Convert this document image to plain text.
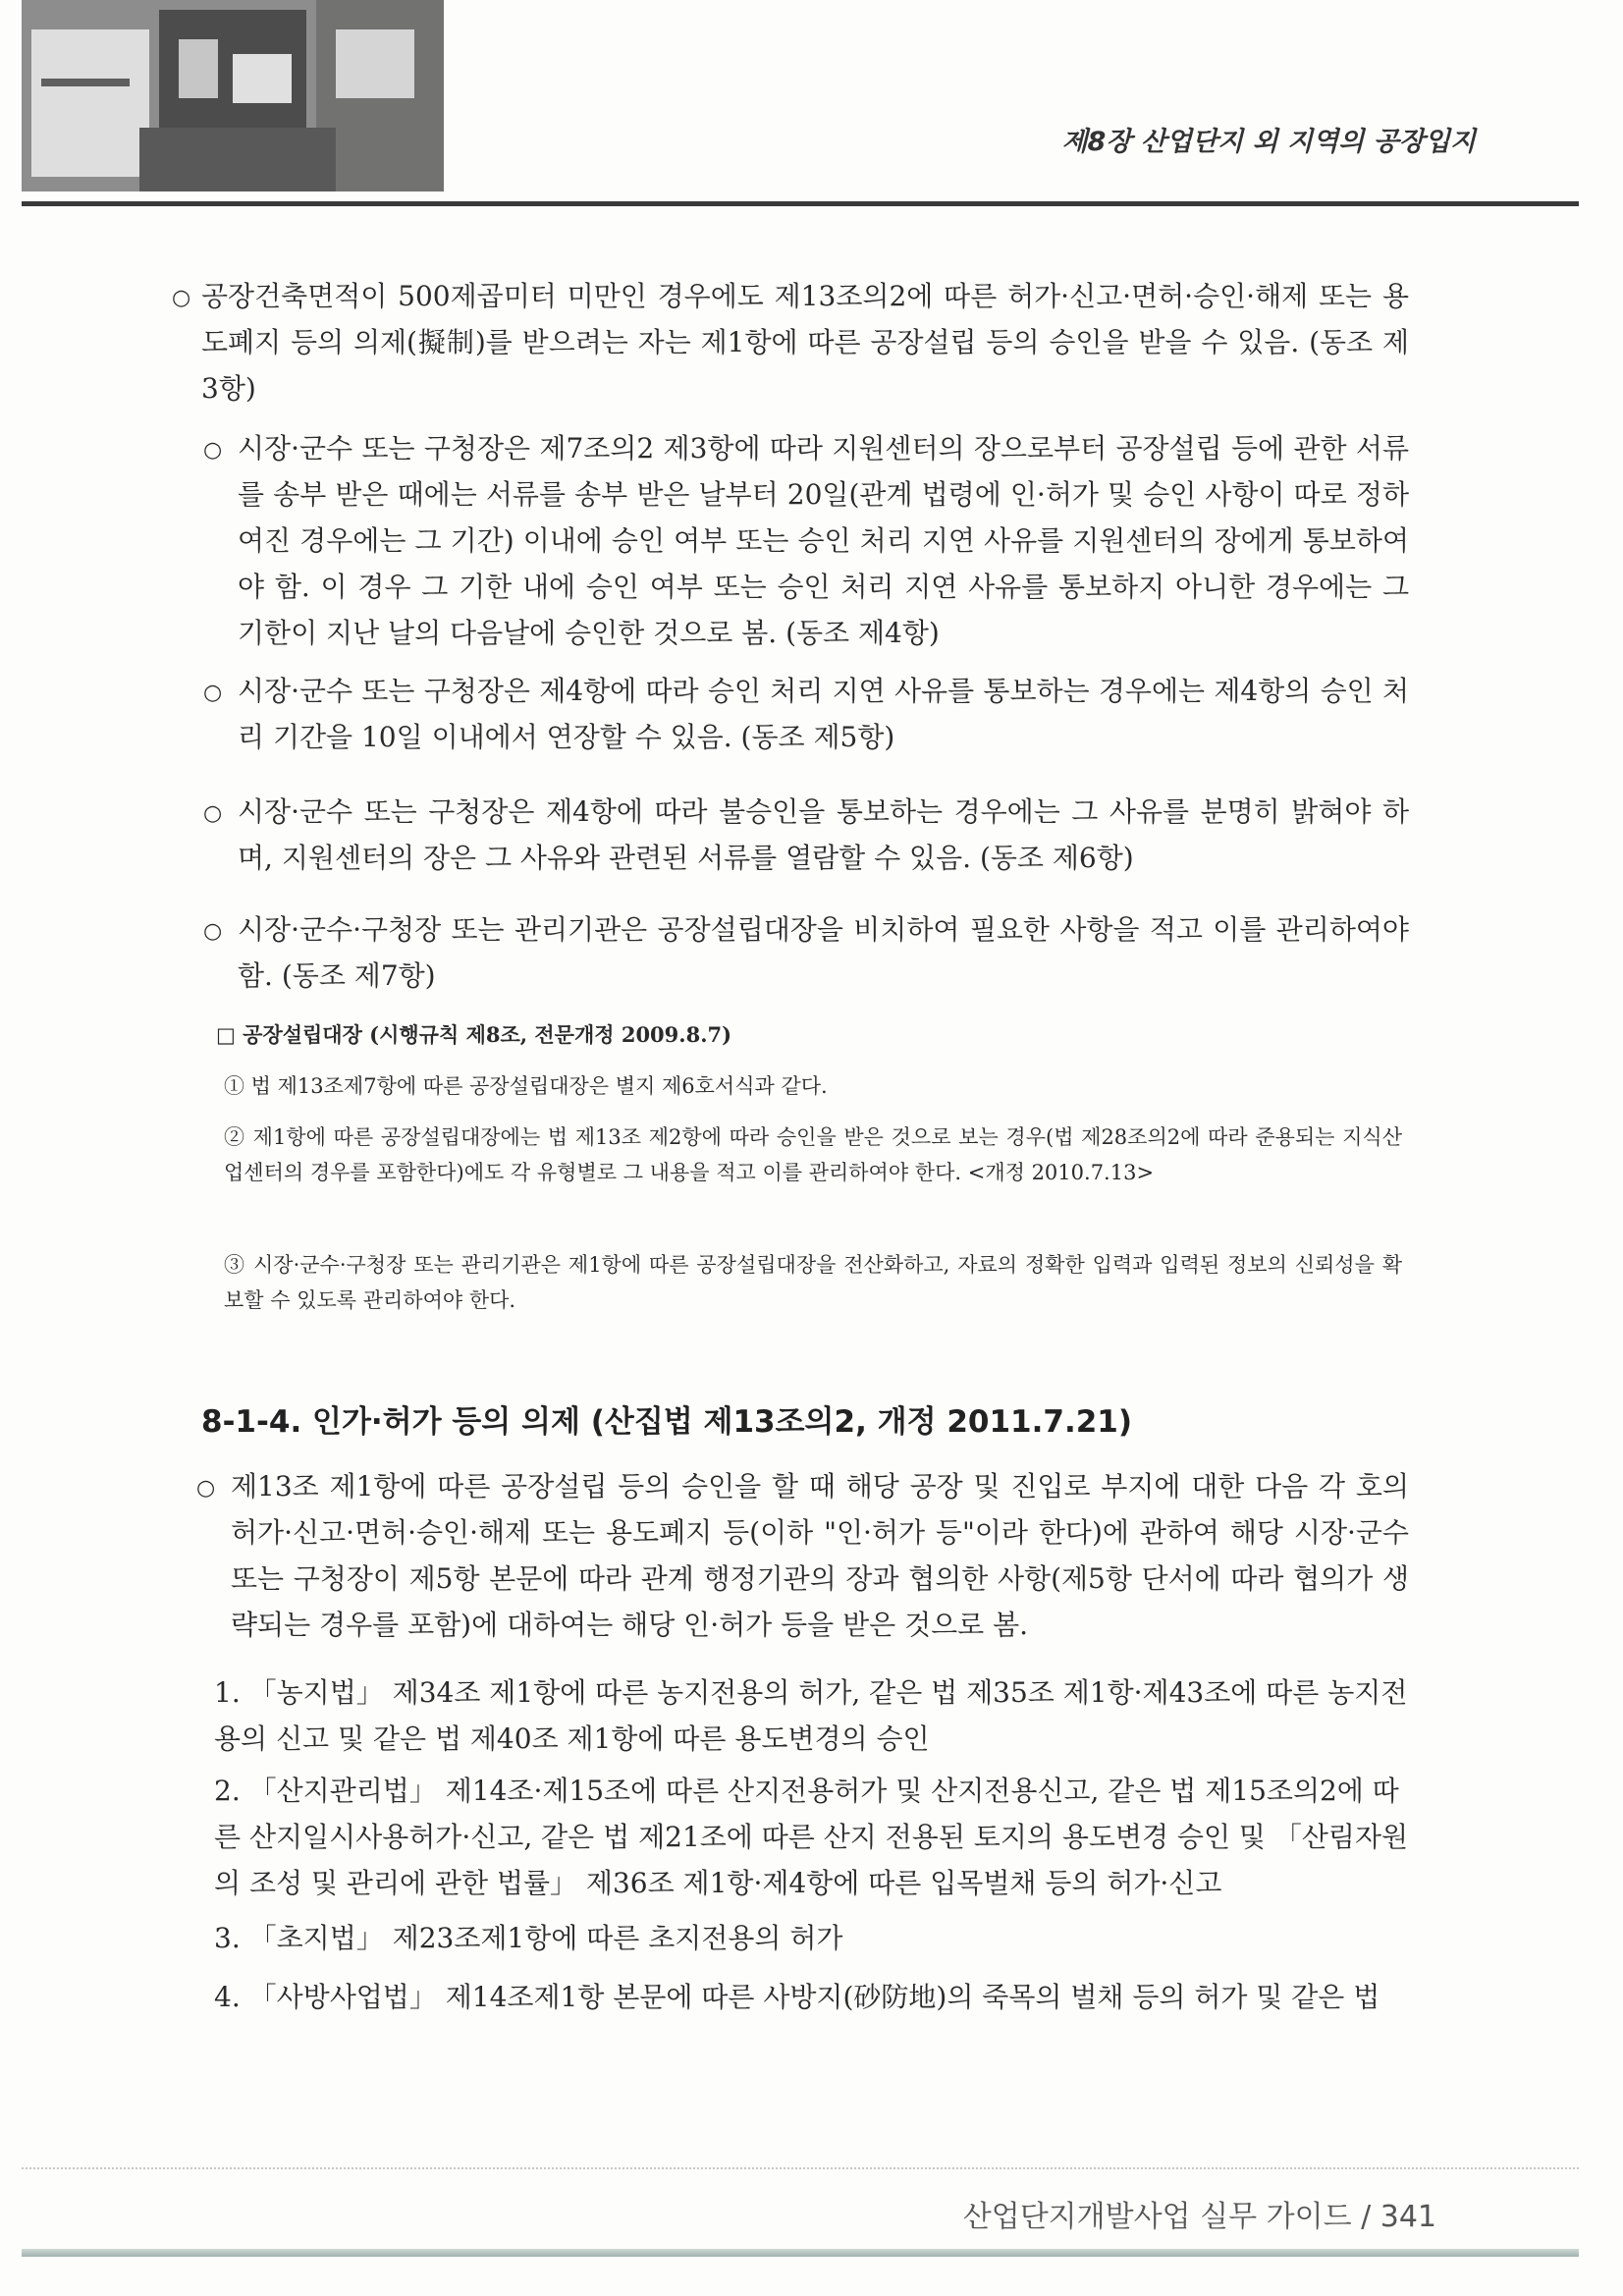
제8장 산업단지 외 지역의 공장입지
○ 공장건축면적이 500제곱미터 미만인 경우에도 제13조의2에 따른 허가·신고·면허·승인·해제 또는 용도폐지 등의 의제(擬制)를 받으려는 자는 제1항에 따른 공장설립 등의 승인을 받을 수 있음. (동조 제3항)
○ 시장·군수 또는 구청장은 제7조의2 제3항에 따라 지원센터의 장으로부터 공장설립 등에 관한 서류를 송부 받은 때에는 서류를 송부 받은 날부터 20일(관계 법령에 인·허가 및 승인 사항이 따로 정하여진 경우에는 그 기간) 이내에 승인 여부 또는 승인 처리 지연 사유를 지원센터의 장에게 통보하여야 함. 이 경우 그 기한 내에 승인 여부 또는 승인 처리 지연 사유를 통보하지 아니한 경우에는 그 기한이 지난 날의 다음날에 승인한 것으로 봄. (동조 제4항)
○ 시장·군수 또는 구청장은 제4항에 따라 승인 처리 지연 사유를 통보하는 경우에는 제4항의 승인 처리 기간을 10일 이내에서 연장할 수 있음. (동조 제5항)
○ 시장·군수 또는 구청장은 제4항에 따라 불승인을 통보하는 경우에는 그 사유를 분명히 밝혀야 하며, 지원센터의 장은 그 사유와 관련된 서류를 열람할 수 있음. (동조 제6항)
○ 시장·군수·구청장 또는 관리기관은 공장설립대장을 비치하여 필요한 사항을 적고 이를 관리하여야 함. (동조 제7항)
□ 공장설립대장 (시행규칙 제8조, 전문개정 2009.8.7)
① 법 제13조제7항에 따른 공장설립대장은 별지 제6호서식과 같다.
② 제1항에 따른 공장설립대장에는 법 제13조 제2항에 따라 승인을 받은 것으로 보는 경우(법 제28조의2에 따라 준용되는 지식산업센터의 경우를 포함한다)에도 각 유형별로 그 내용을 적고 이를 관리하여야 한다. <개정 2010.7.13>
③ 시장·군수·구청장 또는 관리기관은 제1항에 따른 공장설립대장을 전산화하고, 자료의 정확한 입력과 입력된 정보의 신뢰성을 확보할 수 있도록 관리하여야 한다.
8-1-4. 인가·허가 등의 의제 (산집법 제13조의2, 개정 2011.7.21)
○ 제13조 제1항에 따른 공장설립 등의 승인을 할 때 해당 공장 및 진입로 부지에 대한 다음 각 호의 허가·신고·면허·승인·해제 또는 용도폐지 등(이하 "인·허가 등"이라 한다)에 관하여 해당 시장·군수 또는 구청장이 제5항 본문에 따라 관계 행정기관의 장과 협의한 사항(제5항 단서에 따라 협의가 생략되는 경우를 포함)에 대하여는 해당 인·허가 등을 받은 것으로 봄.
1. 「농지법」 제34조 제1항에 따른 농지전용의 허가, 같은 법 제35조 제1항·제43조에 따른 농지전용의 신고 및 같은 법 제40조 제1항에 따른 용도변경의 승인
2. 「산지관리법」 제14조·제15조에 따른 산지전용허가 및 산지전용신고, 같은 법 제15조의2에 따른 산지일시사용허가·신고, 같은 법 제21조에 따른 산지 전용된 토지의 용도변경 승인 및 「산림자원의 조성 및 관리에 관한 법률」 제36조 제1항·제4항에 따른 입목벌채 등의 허가·신고
3. 「초지법」 제23조제1항에 따른 초지전용의 허가
4. 「사방사업법」 제14조제1항 본문에 따른 사방지(砂防地)의 죽목의 벌채 등의 허가 및 같은 법
산업단지개발사업 실무 가이드 / 341
